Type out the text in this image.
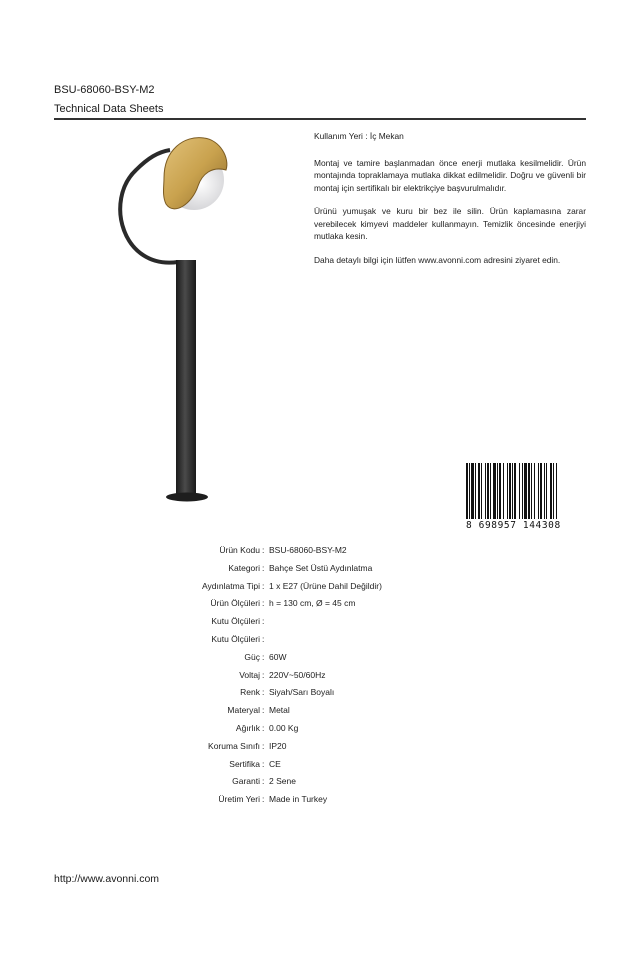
BSU-68060-BSY-M2
Technical Data Sheets

Kullanım Yeri : İç Mekan

Montaj ve tamire başlanmadan önce enerji mutlaka kesilmelidir. Ürün montajında topraklamaya mutlaka dikkat edilmelidir. Doğru ve güvenli bir montaj için sertifikalı bir elektrikçiye başvurulmalıdır.

Ürünü yumuşak ve kuru bir bez ile silin. Ürün kaplamasına zarar verebilecek kimyevi maddeler kullanmayın. Temizlik öncesinde enerjiyi mutlaka kesin.

Daha detaylı bilgi için lütfen www.avonni.com adresini ziyaret edin.

8 698957 144308
Ürün Kodu : BSU-68060-BSY-M2
Kategori : Bahçe Set Üstü Aydınlatma
Aydınlatma Tipi : 1 x E27 (Ürüne Dahil Değildir)
Ürün Ölçüleri : h = 130 cm, Ø = 45 cm
Kutu Ölçüleri :
Kutu Ölçüleri :
Güç : 60W
Voltaj : 220V~50/60Hz
Renk : Siyah/Sarı Boyalı
Materyal : Metal
Ağırlık : 0.00 Kg
Koruma Sınıfı : IP20
Sertifika : CE
Garanti : 2 Sene
Üretim Yeri : Made in Turkey
http://www.avonni.com
